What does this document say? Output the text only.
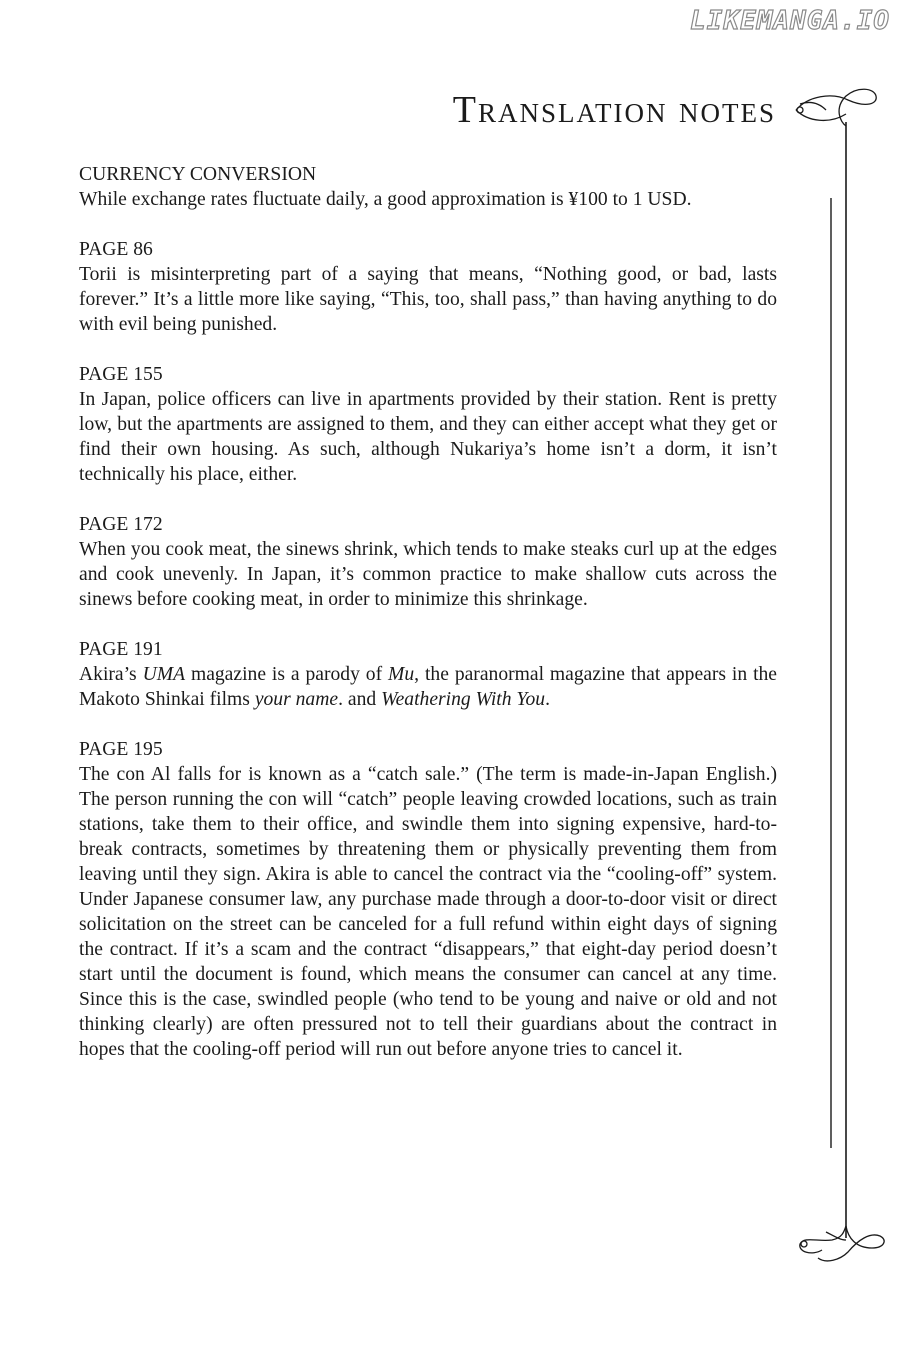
LIKEMANGA.IO
Translation notes
CURRENCY CONVERSION
While exchange rates fluctuate daily, a good approximation is ¥100 to 1 USD.
PAGE 86
Torii is misinterpreting part of a saying that means, “Nothing good, or bad, lasts forever.” It’s a little more like saying, “This, too, shall pass,” than having anything to do with evil being punished.
PAGE 155
In Japan, police officers can live in apartments provided by their station. Rent is pretty low, but the apartments are assigned to them, and they can either accept what they get or find their own housing. As such, although Nukariya’s home isn’t a dorm, it isn’t technically his place, either.
PAGE 172
When you cook meat, the sinews shrink, which tends to make steaks curl up at the edges and cook unevenly. In Japan, it’s common practice to make shallow cuts across the sinews before cooking meat, in order to minimize this shrinkage.
PAGE 191
Akira’s UMA magazine is a parody of Mu, the paranormal magazine that appears in the Makoto Shinkai films your name. and Weathering With You.
PAGE 195
The con Al falls for is known as a “catch sale.” (The term is made-in-Japan English.) The person running the con will “catch” people leaving crowded locations, such as train stations, take them to their office, and swindle them into signing expensive, hard-to-break contracts, sometimes by threatening them or physically preventing them from leaving until they sign. Akira is able to cancel the contract via the “cooling-off” system. Under Japanese consumer law, any purchase made through a door-to-door visit or direct solicitation on the street can be canceled for a full refund within eight days of signing the contract. If it’s a scam and the contract “disappears,” that eight-day period doesn’t start until the document is found, which means the consumer can cancel at any time. Since this is the case, swindled people (who tend to be young and naive or old and not thinking clearly) are often pressured not to tell their guardians about the contract in hopes that the cooling-off period will run out before anyone tries to cancel it.
